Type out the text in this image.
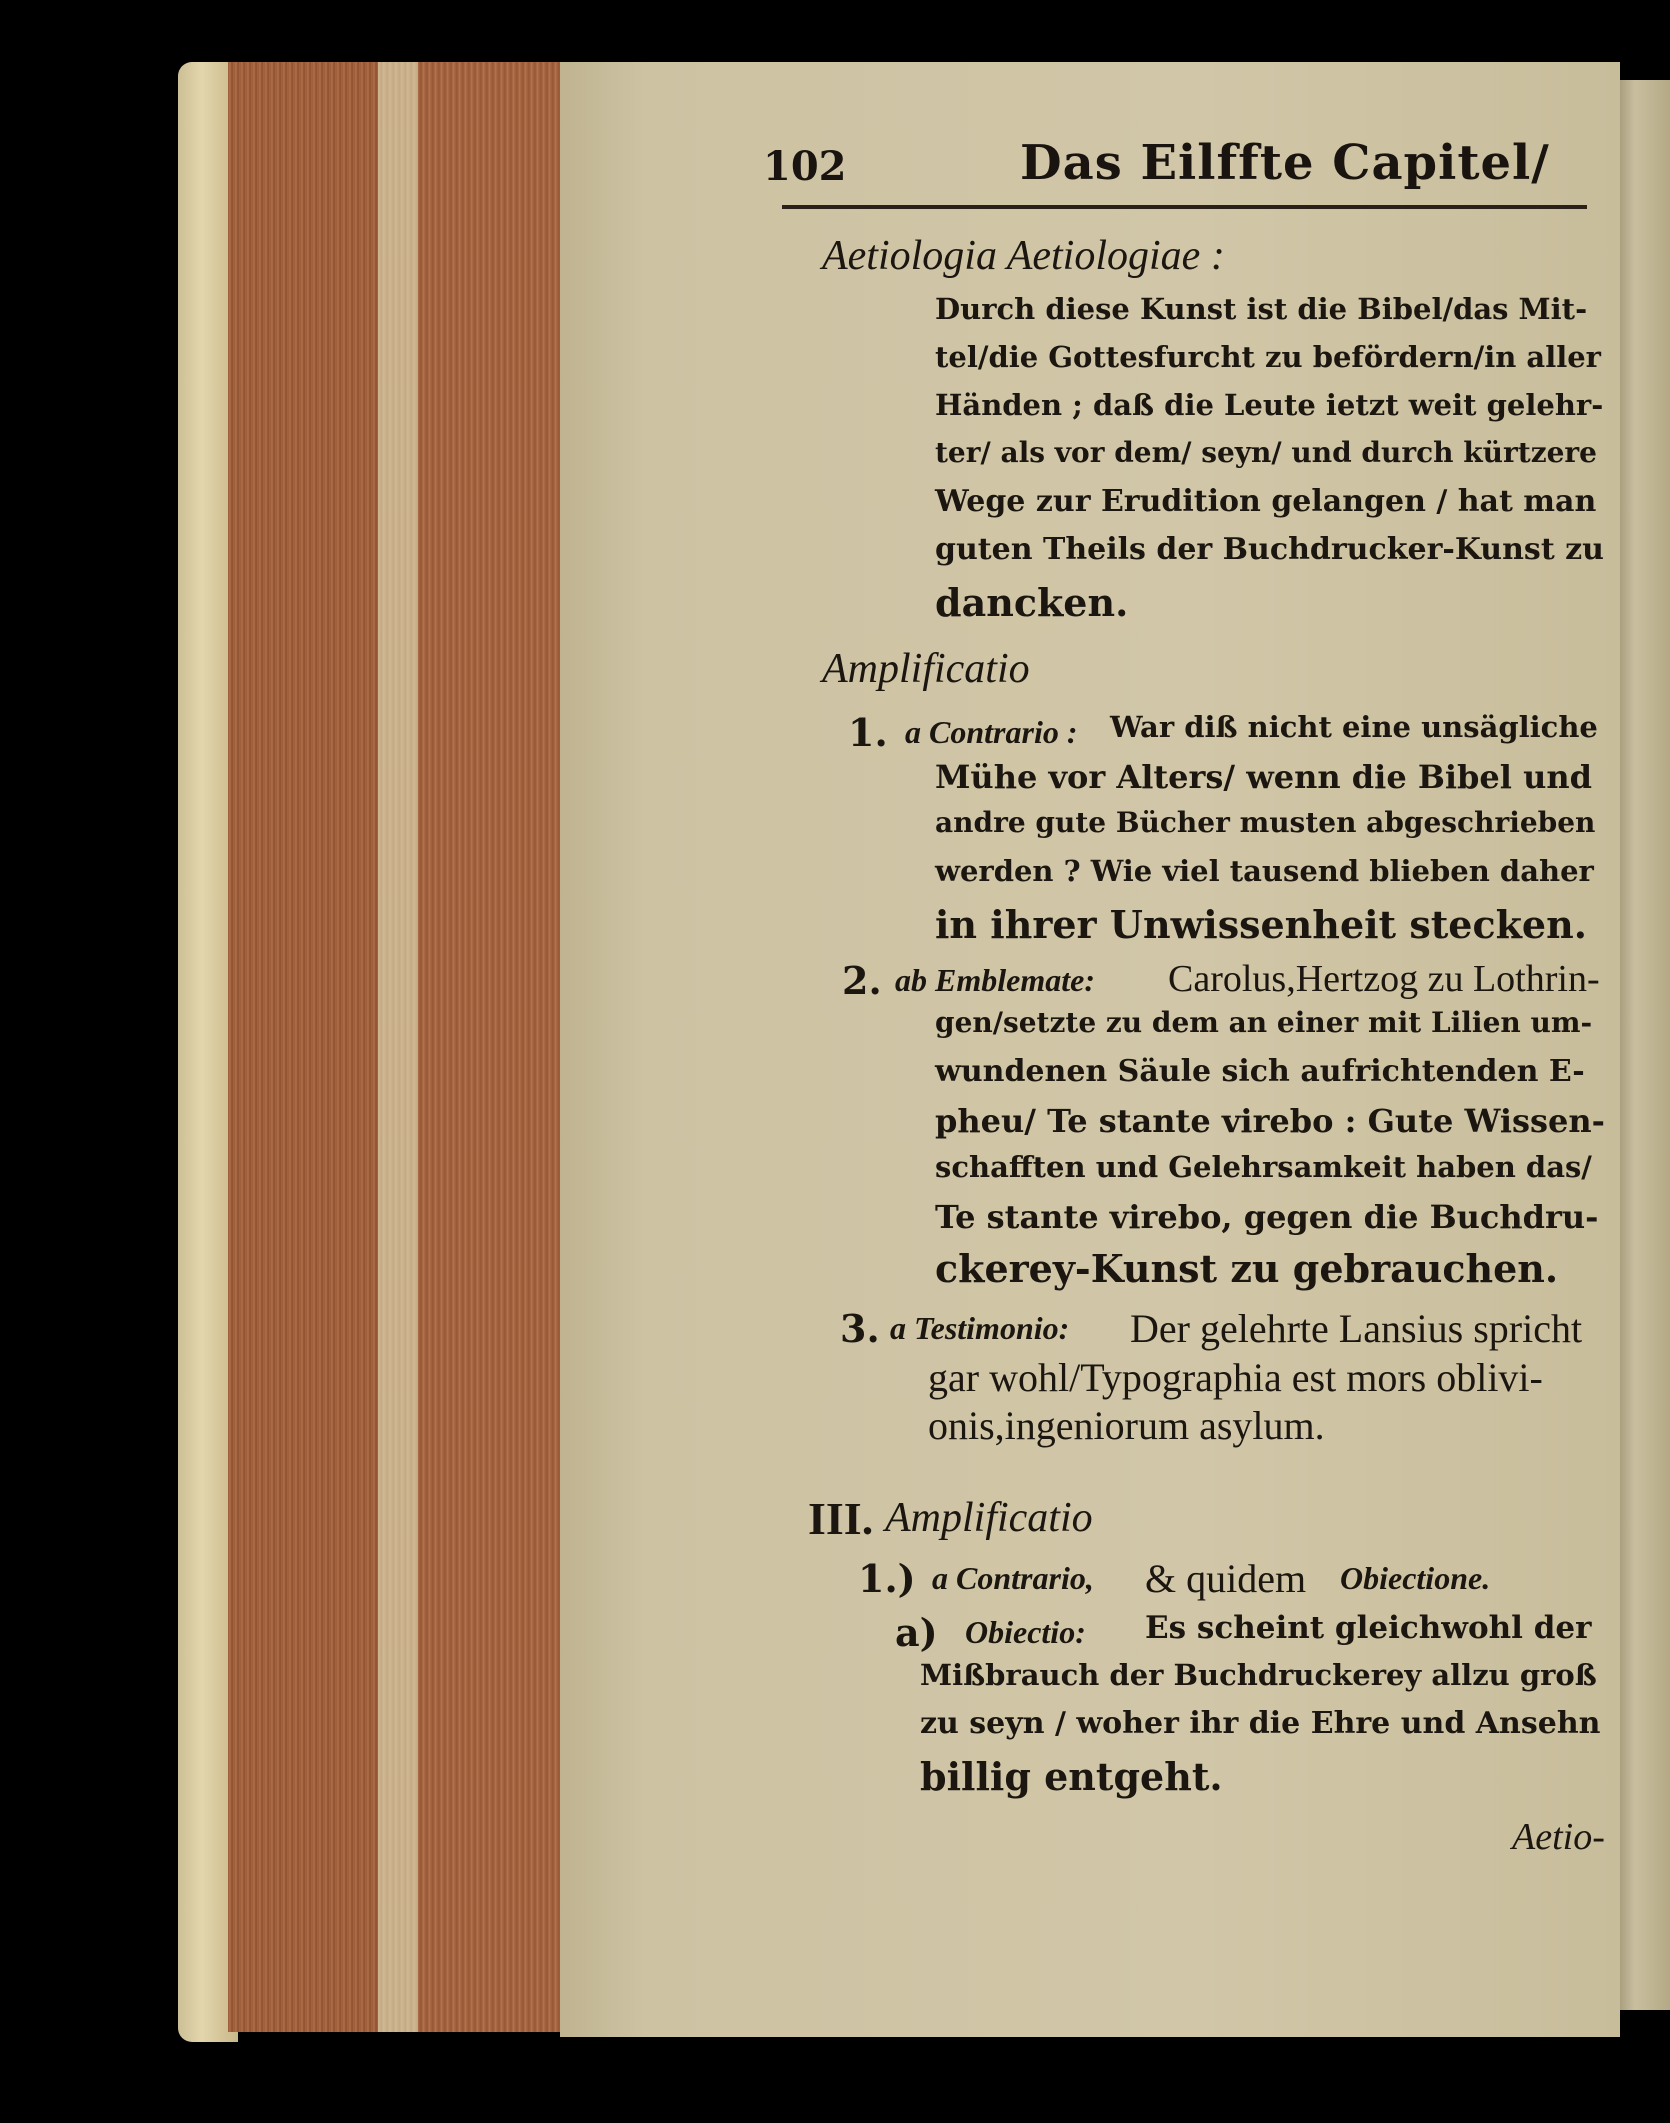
102	Das Eilffte Capitel/
Aetiologia Aetiologiae :
Durch diese Kunst ist die Bibel/das Mit-
tel/die Gottesfurcht zu befördern/in aller
Händen ; daß die Leute ietzt weit gelehr-
ter/ als vor dem/ seyn/ und durch kürtzere
Wege zur Erudition gelangen / hat man
guten Theils der Buchdrucker-Kunst zu
dancken.
Amplificatio
1. a Contrario : War diß nicht eine unsägliche
Mühe vor Alters/ wenn die Bibel und
andre gute Bücher musten abgeschrieben
werden ? Wie viel tausend blieben daher
in ihrer Unwissenheit stecken.
2. ab Emblemate: Carolus,Hertzog zu Lothrin-
gen/setzte zu dem an einer mit Lilien um-
wundenen Säule sich aufrichtenden E-
pheu/ Te stante virebo : Gute Wissen-
schafften und Gelehrsamkeit haben das/
Te stante virebo, gegen die Buchdru-
ckerey-Kunst zu gebrauchen.
3. a Testimonio: Der gelehrte Lansius spricht
gar wohl/Typographia est mors oblivi-
onis,ingeniorum asylum.
III. Amplificatio
1.) a Contrario, & quidem Obiectione.
a) Obiectio: Es scheint gleichwohl der
Mißbrauch der Buchdruckerey allzu groß
zu seyn / woher ihr die Ehre und Ansehn
billig entgeht.
Aetio-
